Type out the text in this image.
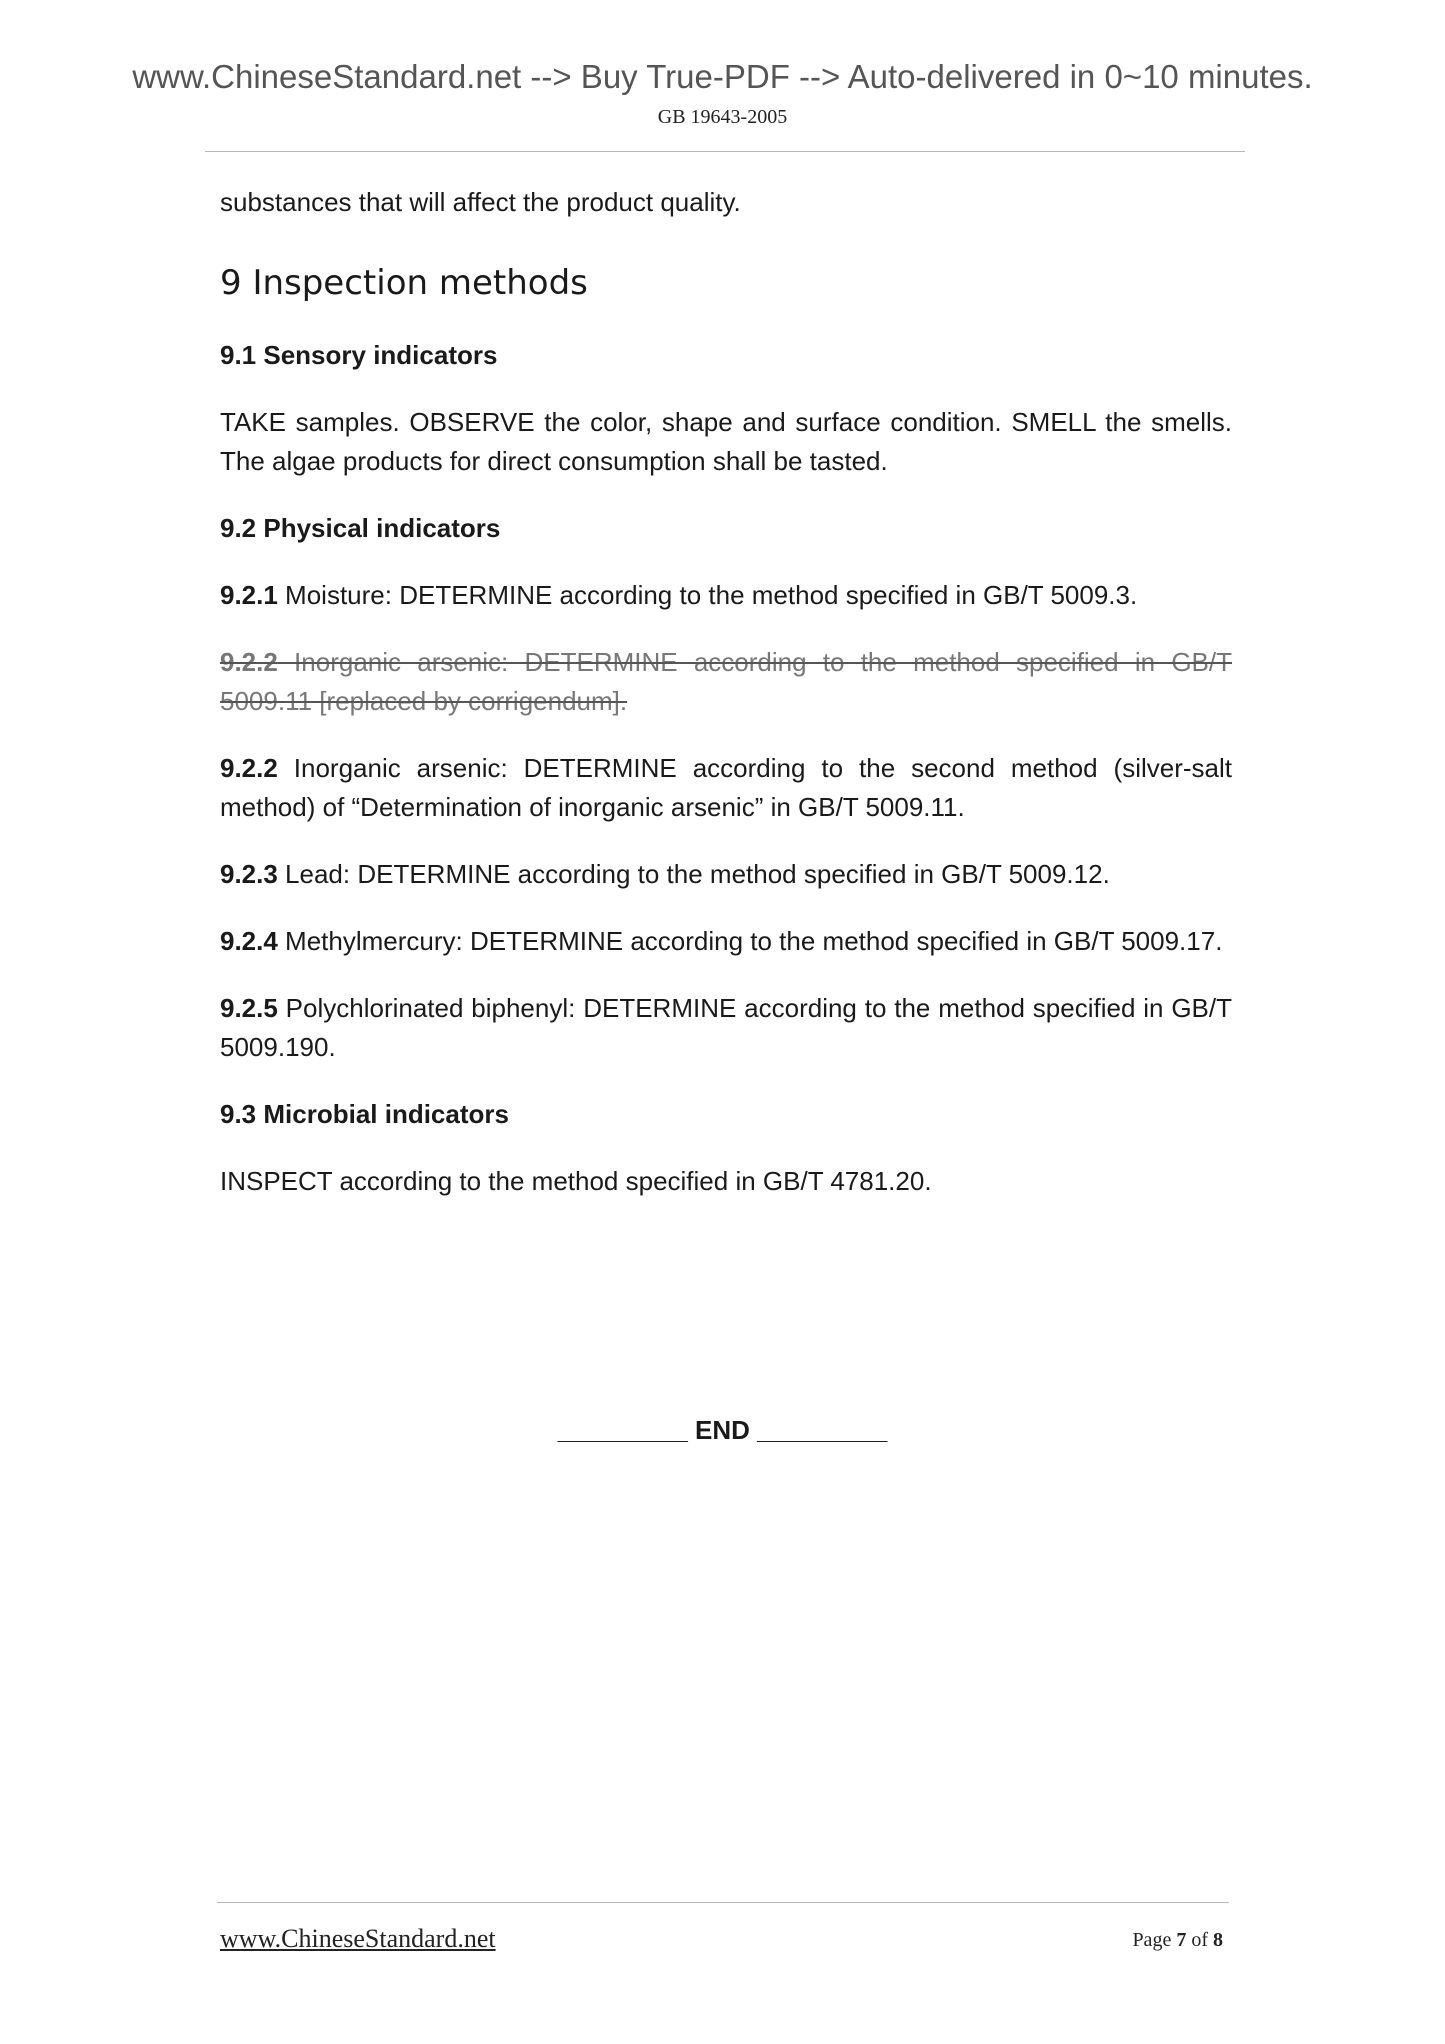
www.ChineseStandard.net --> Buy True-PDF --> Auto-delivered in 0~10 minutes.
GB 19643-2005

substances that will affect the product quality.

9 Inspection methods
9.1 Sensory indicators

TAKE samples. OBSERVE the color, shape and surface condition. SMELL the smells. The algae products for direct consumption shall be tasted.

9.2 Physical indicators

9.2.1 Moisture: DETERMINE according to the method specified in GB/T 5009.3.

9.2.2 Inorganic arsenic: DETERMINE according to the method specified in GB/T 5009.11 [replaced by corrigendum].

9.2.2 Inorganic arsenic: DETERMINE according to the second method (silver-salt method) of “Determination of inorganic arsenic” in GB/T 5009.11.

9.2.3 Lead: DETERMINE according to the method specified in GB/T 5009.12.

9.2.4 Methylmercury: DETERMINE according to the method specified in GB/T 5009.17.

9.2.5 Polychlorinated biphenyl: DETERMINE according to the method specified in GB/T 5009.190.

9.3 Microbial indicators

INSPECT according to the method specified in GB/T 4781.20.

_________ END _________
www.ChineseStandard.net	Page 7 of 8
